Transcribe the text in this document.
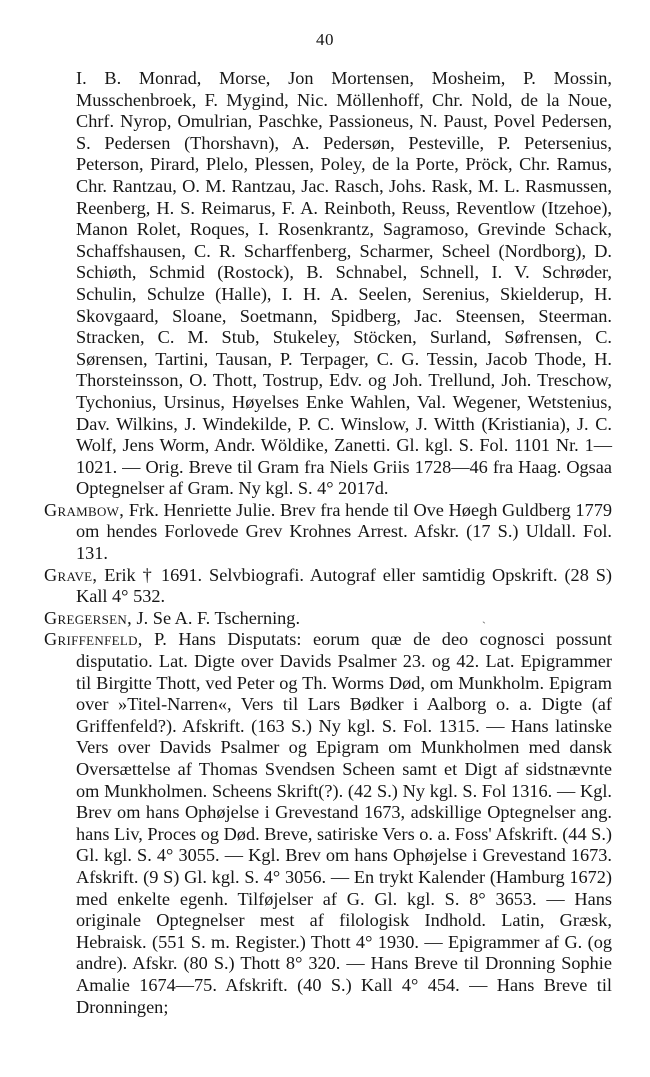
40

I. B. Monrad, Morse, Jon Mortensen, Mosheim, P. Mossin, Musschenbroek, F. Mygind, Nic. Möllenhoff, Chr. Nold, de la Noue, Chrf. Nyrop, Omulrian, Paschke, Passioneus, N. Paust, Povel Pedersen, S. Pedersen (Thorshavn), A. Pedersøn, Pesteville, P. Petersenius, Peterson, Pirard, Plelo, Plessen, Poley, de la Porte, Pröck, Chr. Ramus, Chr. Rantzau, O. M. Rantzau, Jac. Rasch, Johs. Rask, M. L. Rasmussen, Reenberg, H. S. Reimarus, F. A. Reinboth, Reuss, Reventlow (Itzehoe), Manon Rolet, Roques, I. Rosenkrantz, Sagramoso, Grevinde Schack, Schaffshausen, C. R. Scharffenberg, Scharmer, Scheel (Nordborg), D. Schiøth, Schmid (Rostock), B. Schnabel, Schnell, I. V. Schrøder, Schulin, Schulze (Halle), I. H. A. Seelen, Serenius, Skielderup, H. Skovgaard, Sloane, Soetmann, Spidberg, Jac. Steensen, Steerman. Stracken, C. M. Stub, Stukeley, Stöcken, Surland, Søfrensen, C. Sørensen, Tartini, Tausan, P. Terpager, C. G. Tessin, Jacob Thode, H. Thorsteinsson, O. Thott, Tostrup, Edv. og Joh. Trellund, Joh. Treschow, Tychonius, Ursinus, Høyelses Enke Wahlen, Val. Wegener, Wetstenius, Dav. Wilkins, J. Windekilde, P. C. Winslow, J. Witth (Kristiania), J. C. Wolf, Jens Worm, Andr. Wöldike, Zanetti. Gl. kgl. S. Fol. 1101 Nr. 1—1021. — Orig. Breve til Gram fra Niels Griis 1728—46 fra Haag. Ogsaa Optegnelser af Gram. Ny kgl. S. 4° 2017d.

Grambow, Frk. Henriette Julie. Brev fra hende til Ove Høegh Guldberg 1779 om hendes Forlovede Grev Krohnes Arrest. Afskr. (17 S.) Uldall. Fol. 131.

Grave, Erik † 1691. Selvbiografi. Autograf eller samtidig Opskrift. (28 S) Kall 4° 532.

Gregersen, J. Se A. F. Tscherning.

Griffenfeld, P. Hans Disputats: eorum quæ de deo cognosci possunt disputatio. Lat. Digte over Davids Psalmer 23. og 42. Lat. Epigrammer til Birgitte Thott, ved Peter og Th. Worms Død, om Munkholm. Epigram over »Titel-Narren«, Vers til Lars Bødker i Aalborg o. a. Digte (af Griffenfeld?). Afskrift. (163 S.) Ny kgl. S. Fol. 1315. — Hans latinske Vers over Davids Psalmer og Epigram om Munkholmen med dansk Oversættelse af Thomas Svendsen Scheen samt et Digt af sidstnævnte om Munkholmen. Scheens Skrift(?). (42 S.) Ny kgl. S. Fol 1316. — Kgl. Brev om hans Ophøjelse i Grevestand 1673, adskillige Optegnelser ang. hans Liv, Proces og Død. Breve, satiriske Vers o. a. Foss' Afskrift. (44 S.) Gl. kgl. S. 4° 3055. — Kgl. Brev om hans Ophøjelse i Grevestand 1673. Afskrift. (9 S) Gl. kgl. S. 4° 3056. — En trykt Kalender (Hamburg 1672) med enkelte egenh. Tilføjelser af G. Gl. kgl. S. 8° 3653. — Hans originale Optegnelser mest af filologisk Indhold. Latin, Græsk, Hebraisk. (551 S. m. Register.) Thott 4° 1930. — Epigrammer af G. (og andre). Afskr. (80 S.) Thott 8° 320. — Hans Breve til Dronning Sophie Amalie 1674—75. Afskrift. (40 S.) Kall 4° 454. — Hans Breve til Dronningen;

ˎ
